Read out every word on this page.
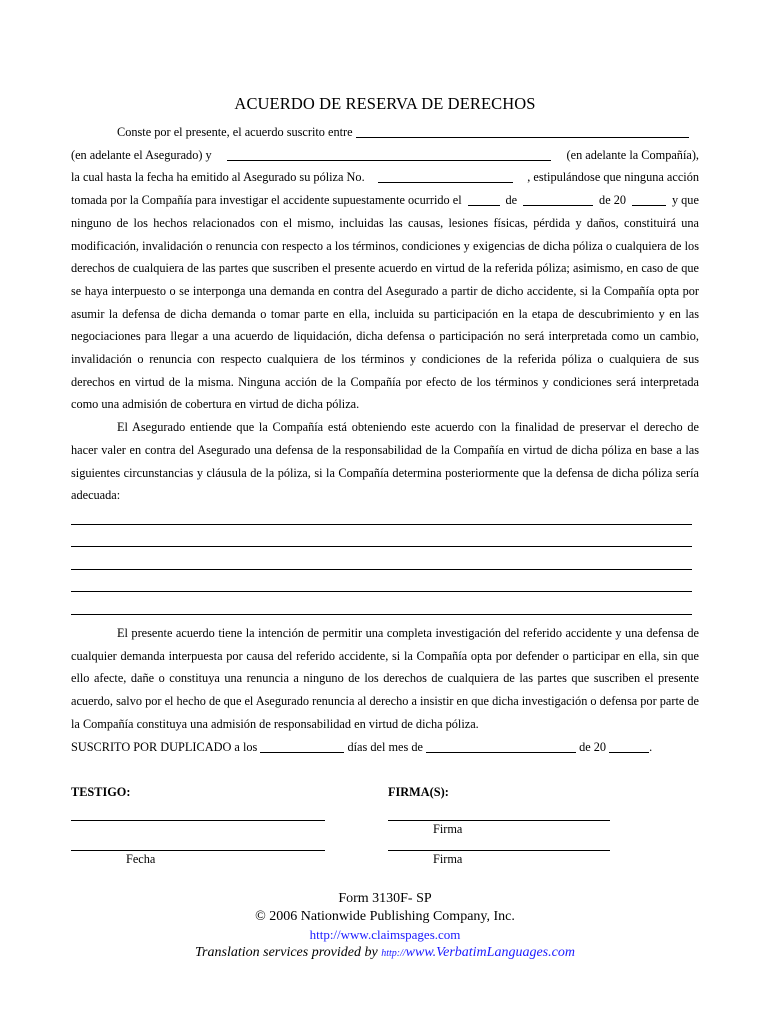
ACUERDO DE RESERVA DE DERECHOS

Conste por el presente, el acuerdo suscrito entre

(en adelante el Asegurado) y	(en adelante la Compañía),

la cual hasta la fecha ha emitido al Asegurado su póliza No.	, estipulándose que ninguna acción

tomada por la Compañía para investigar el accidente supuestamente ocurrido el	de	de 20	y que

ninguno de los hechos relacionados con el mismo, incluidas las causas, lesiones físicas, pérdida y daños, constituirá una modificación, invalidación o renuncia con respecto a los términos, condiciones y exigencias de dicha póliza o cualquiera de los derechos de cualquiera de las partes que suscriben el presente acuerdo en virtud de la referida póliza; asimismo, en caso de que se haya interpuesto o se interponga una demanda en contra del Asegurado a partir de dicho accidente, si la Compañía opta por asumir la defensa de dicha demanda o tomar parte en ella, incluida su participación en la etapa de descubrimiento y en las negociaciones para llegar a una acuerdo de liquidación, dicha defensa o participación no será interpretada como un cambio, invalidación o renuncia con respecto cualquiera de los términos y condiciones de la referida póliza o cualquiera de sus derechos en virtud de la misma. Ninguna acción de la Compañía por efecto de los términos y condiciones será interpretada como una admisión de cobertura en virtud de dicha póliza.

El Asegurado entiende que la Compañía está obteniendo este acuerdo con la finalidad de preservar el derecho de hacer valer en contra del Asegurado una defensa de la responsabilidad de la Compañía en virtud de dicha póliza en base a las siguientes circunstancias y cláusula de la póliza, si la Compañía determina posteriormente que la defensa de dicha póliza sería adecuada:

El presente acuerdo tiene la intención de permitir una completa investigación del referido accidente y una defensa de cualquier demanda interpuesta por causa del referido accidente, si la Compañía opta por defender o participar en ella, sin que ello afecte, dañe o constituya una renuncia a ninguno de los derechos de cualquiera de las partes que suscriben el presente acuerdo, salvo por el hecho de que el Asegurado renuncia al derecho a insistir en que dicha investigación o defensa por parte de la Compañía constituya una admisión de responsabilidad en virtud de dicha póliza.

SUSCRITO POR DUPLICADO a los	días del mes de	de 20	.

TESTIGO:	FIRMA(S):
Firma
Fecha	Firma
Form 3130F- SP
© 2006 Nationwide Publishing Company, Inc.
http://www.claimspages.com
Translation services provided by http://www.VerbatimLanguages.com
